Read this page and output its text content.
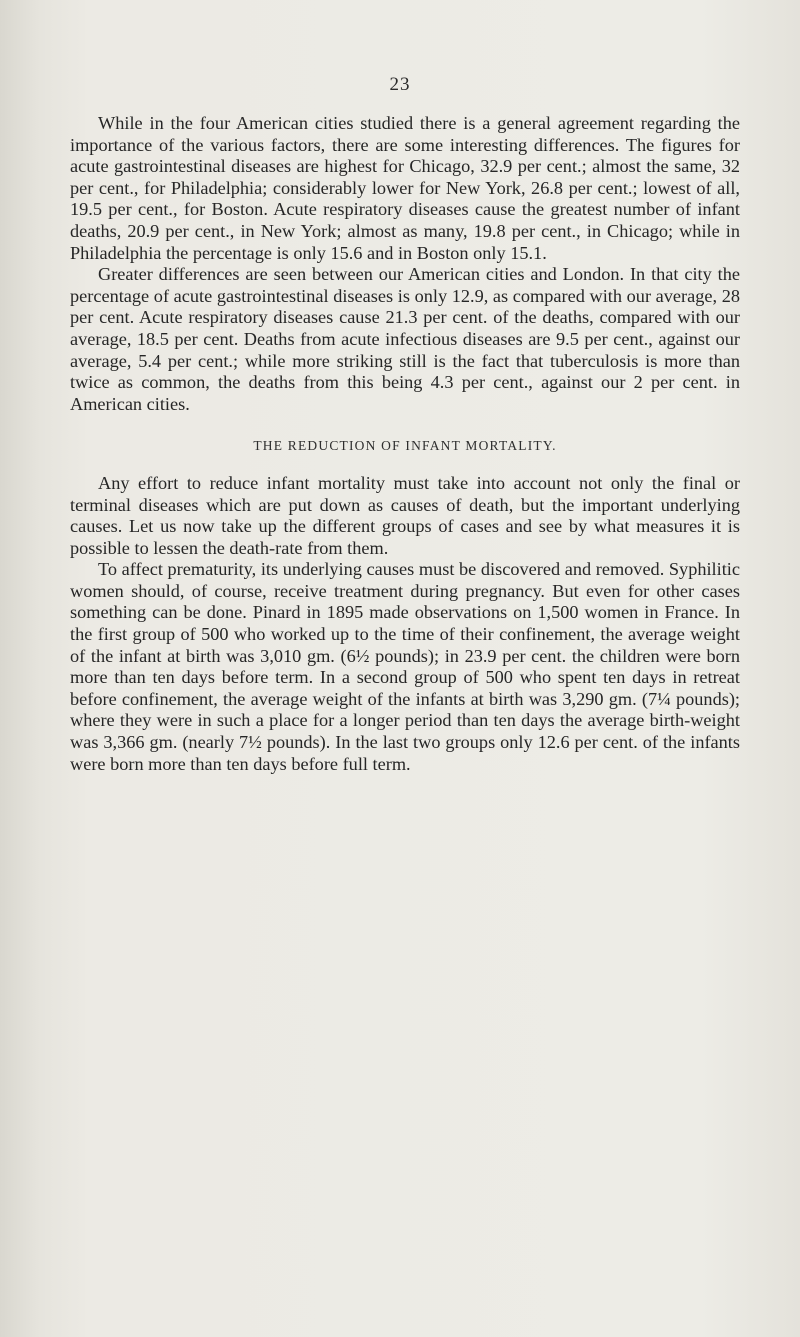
23

While in the four American cities studied there is a general agreement regarding the importance of the various factors, there are some interesting differences. The figures for acute gastrointestinal diseases are highest for Chicago, 32.9 per cent.; almost the same, 32 per cent., for Philadelphia; considerably lower for New York, 26.8 per cent.; lowest of all, 19.5 per cent., for Boston. Acute respiratory diseases cause the greatest number of infant deaths, 20.9 per cent., in New York; almost as many, 19.8 per cent., in Chicago; while in Philadelphia the percentage is only 15.6 and in Boston only 15.1.

Greater differences are seen between our American cities and London. In that city the percentage of acute gastrointestinal diseases is only 12.9, as compared with our average, 28 per cent. Acute respiratory diseases cause 21.3 per cent. of the deaths, compared with our average, 18.5 per cent. Deaths from acute infectious diseases are 9.5 per cent., against our average, 5.4 per cent.; while more striking still is the fact that tuberculosis is more than twice as common, the deaths from this being 4.3 per cent., against our 2 per cent. in American cities.

THE REDUCTION OF INFANT MORTALITY.

Any effort to reduce infant mortality must take into account not only the final or terminal diseases which are put down as causes of death, but the important underlying causes. Let us now take up the different groups of cases and see by what measures it is possible to lessen the death-rate from them.

To affect prematurity, its underlying causes must be discovered and removed. Syphilitic women should, of course, receive treatment during pregnancy. But even for other cases something can be done. Pinard in 1895 made observations on 1,500 women in France. In the first group of 500 who worked up to the time of their confinement, the average weight of the infant at birth was 3,010 gm. (6½ pounds); in 23.9 per cent. the children were born more than ten days before term. In a second group of 500 who spent ten days in retreat before confinement, the average weight of the infants at birth was 3,290 gm. (7¼ pounds); where they were in such a place for a longer period than ten days the average birth-weight was 3,366 gm. (nearly 7½ pounds). In the last two groups only 12.6 per cent. of the infants were born more than ten days before full term.
